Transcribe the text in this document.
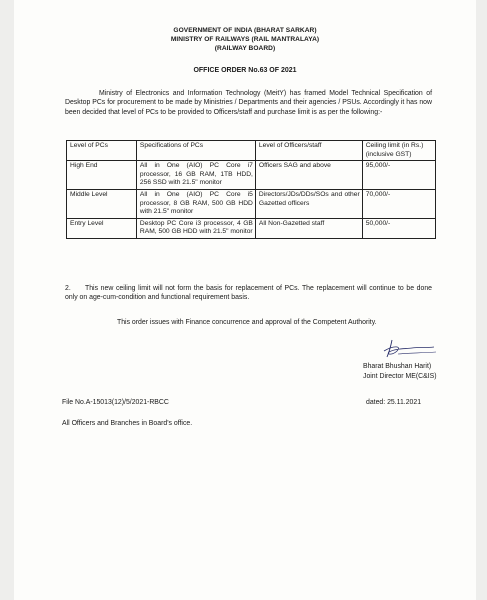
GOVERNMENT OF INDIA (BHARAT SARKAR)
MINISTRY OF RAILWAYS (RAIL MANTRALAYA)
(RAILWAY BOARD)
OFFICE ORDER No.63 OF 2021

Ministry of Electronics and Information Technology (MeitY) has framed Model Technical Specification of Desktop PCs for procurement to be made by Ministries / Departments and their agencies / PSUs. Accordingly it has now been decided that level of PCs to be provided to Officers/staff and purchase limit is as per the following:-

Level of PCs	Specifications of PCs	Level of Officers/staff	Ceiling limit (in Rs.) (inclusive GST)
High End	All in One (AIO) PC Core i7 processor, 16 GB RAM, 1TB HDD, 256 SSD with 21.5" monitor	Officers SAG and above	95,000/-
Middle Level	All in One (AIO) PC Core i5 processor, 8 GB RAM, 500 GB HDD with 21.5" monitor	Directors/JDs/DDs/SOs and other Gazetted officers	70,000/-
Entry Level	Desktop PC Core i3 processor, 4 GB RAM, 500 GB HDD with 21.5" monitor	All Non-Gazetted staff	50,000/-

2. This new ceiling limit will not form the basis for replacement of PCs. The replacement will continue to be done only on age-cum-condition and functional requirement basis.

This order issues with Finance concurrence and approval of the Competent Authority.

Bharat Bhushan Harit)
Joint Director ME(C&IS)
File No.A-15013(12)/5/2021-RBCC	dated: 25.11.2021
All Officers and Branches in Board's office.
